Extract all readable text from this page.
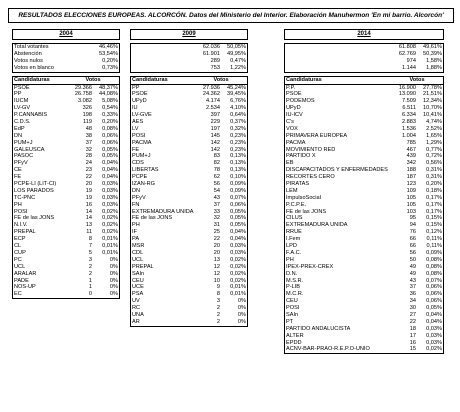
RESULTADOS ELECCIONES EUROPEAS. ALCORCÓN. Datos del Ministerio del Interior. Elaboración Manuhermon 'En mi barrio. Alcorcón'
2004
Total votantes	46,46%
Abstención	53,54%
Votos nulos	0,20%
Votos en blanco	0,73%
Candidaturas	Votos
PSOE	29.366	48,37%
PP	26.758	44,08%
IUCM	3.082	5,08%
LV-GV	326	0,54%
P.CANNABIS	198	0,33%
C.D.S.	119	0,20%
EdP	48	0,08%
DN	38	0,06%
PUM+J	37	0,06%
GALEUSCA	32	0,05%
PASOC	28	0,05%
PFyV	24	0,04%
CE	23	0,04%
FE	22	0,04%
PCPE-LI (LIT-CI)	20	0,03%
LOS PARADOS	19	0,03%
TC-PNC	19	0,03%
PH	16	0,03%
POSI	14	0,02%
FE de las JONS	14	0,02%
N.I.V.	13	0,02%
PREPAL	11	0,02%
ECP	8	0,01%
CL	7	0,01%
CUP	5	0,01%
PC	3	0%
UCL	2	0%
ARALAR	2	0%
PADE	1	0%
NOS-UP	1	0%
EC	0	0%
2009
62.036	50,05%
61.901	49,95%
289	0,47%
753	1,22%
Candidaturas	Votos
PP	27.936	45,24%
PSOE	24.362	39,45%
UPyD	4.174	6,76%
IU	2.534	4,10%
LV-GVE	397	0,64%
AES	229	0,37%
LV	197	0,32%
POSI	145	0,23%
PACMA	142	0,23%
FE	142	0,23%
PUM+J	83	0,13%
CDS	82	0,13%
LIBERTAS	78	0,13%
PCPE	62	0,10%
IZAN-RG	56	0,09%
DN	54	0,09%
PFyV	43	0,07%
FN	37	0,06%
EXTREMADURA UNIDA	33	0,05%
FE de las JONS	32	0,05%
PH	31	0,05%
IF	25	0,04%
PA	22	0,04%
MSR	20	0,03%
CDL	20	0,03%
UCL	13	0,02%
PREPAL	12	0,02%
SAIn	12	0,02%
CEU	10	0,02%
UCE	9	0,01%
PSA	8	0,01%
UV	3	0%
RC	2	0%
UNA	2	0%
AR	2	0%
2014
61.808	49,61%
62.769	50,39%
974	1,58%
1.144	1,88%
Candidaturas	Votos
P.P.	16.900	27,78%
PSOE	13.090	21,51%
PODEMOS	7.509	12,34%
UPyD	6.511	10,70%
IU-ICV	6.334	10,41%
C's	2.883	4,74%
VOX	1.536	2,52%
PRIMAVERA EUROPEA	1.004	1,65%
PACMA	785	1,29%
MOVIMIENTO RED	467	0,77%
PARTIDO X	439	0,72%
EB	342	0,56%
DISCAPACITADOS Y ENFERMEDADES	188	0,31%
RECORTES CERO	187	0,31%
PIRATAS	123	0,20%
LEM	109	0,18%
ImpulsoSocial	105	0,17%
P.C.P.E.	105	0,17%
FE de las JONS	103	0,17%
CILUS	95	0,15%
EXTREMADURA UNIDA	94	0,15%
RRUE	76	0,12%
I.Fem	66	0,11%
LPD	66	0,11%
F.A.C.	56	0,09%
PH	50	0,08%
IPEX-PREX-CREX	49	0,08%
D.N.	49	0,08%
M.S.R.	43	0,07%
P-LIB	37	0,06%
M.C.R.	36	0,06%
CEU	34	0,06%
POSI	30	0,05%
SAIn	27	0,04%
PT	22	0,04%
PARTIDO ANDALUCISTA	18	0,03%
ALTER	17	0,03%
EPDD	16	0,03%
ACNV-BAR-PRAO-R.E.P.O-UNIO	15	0,02%
